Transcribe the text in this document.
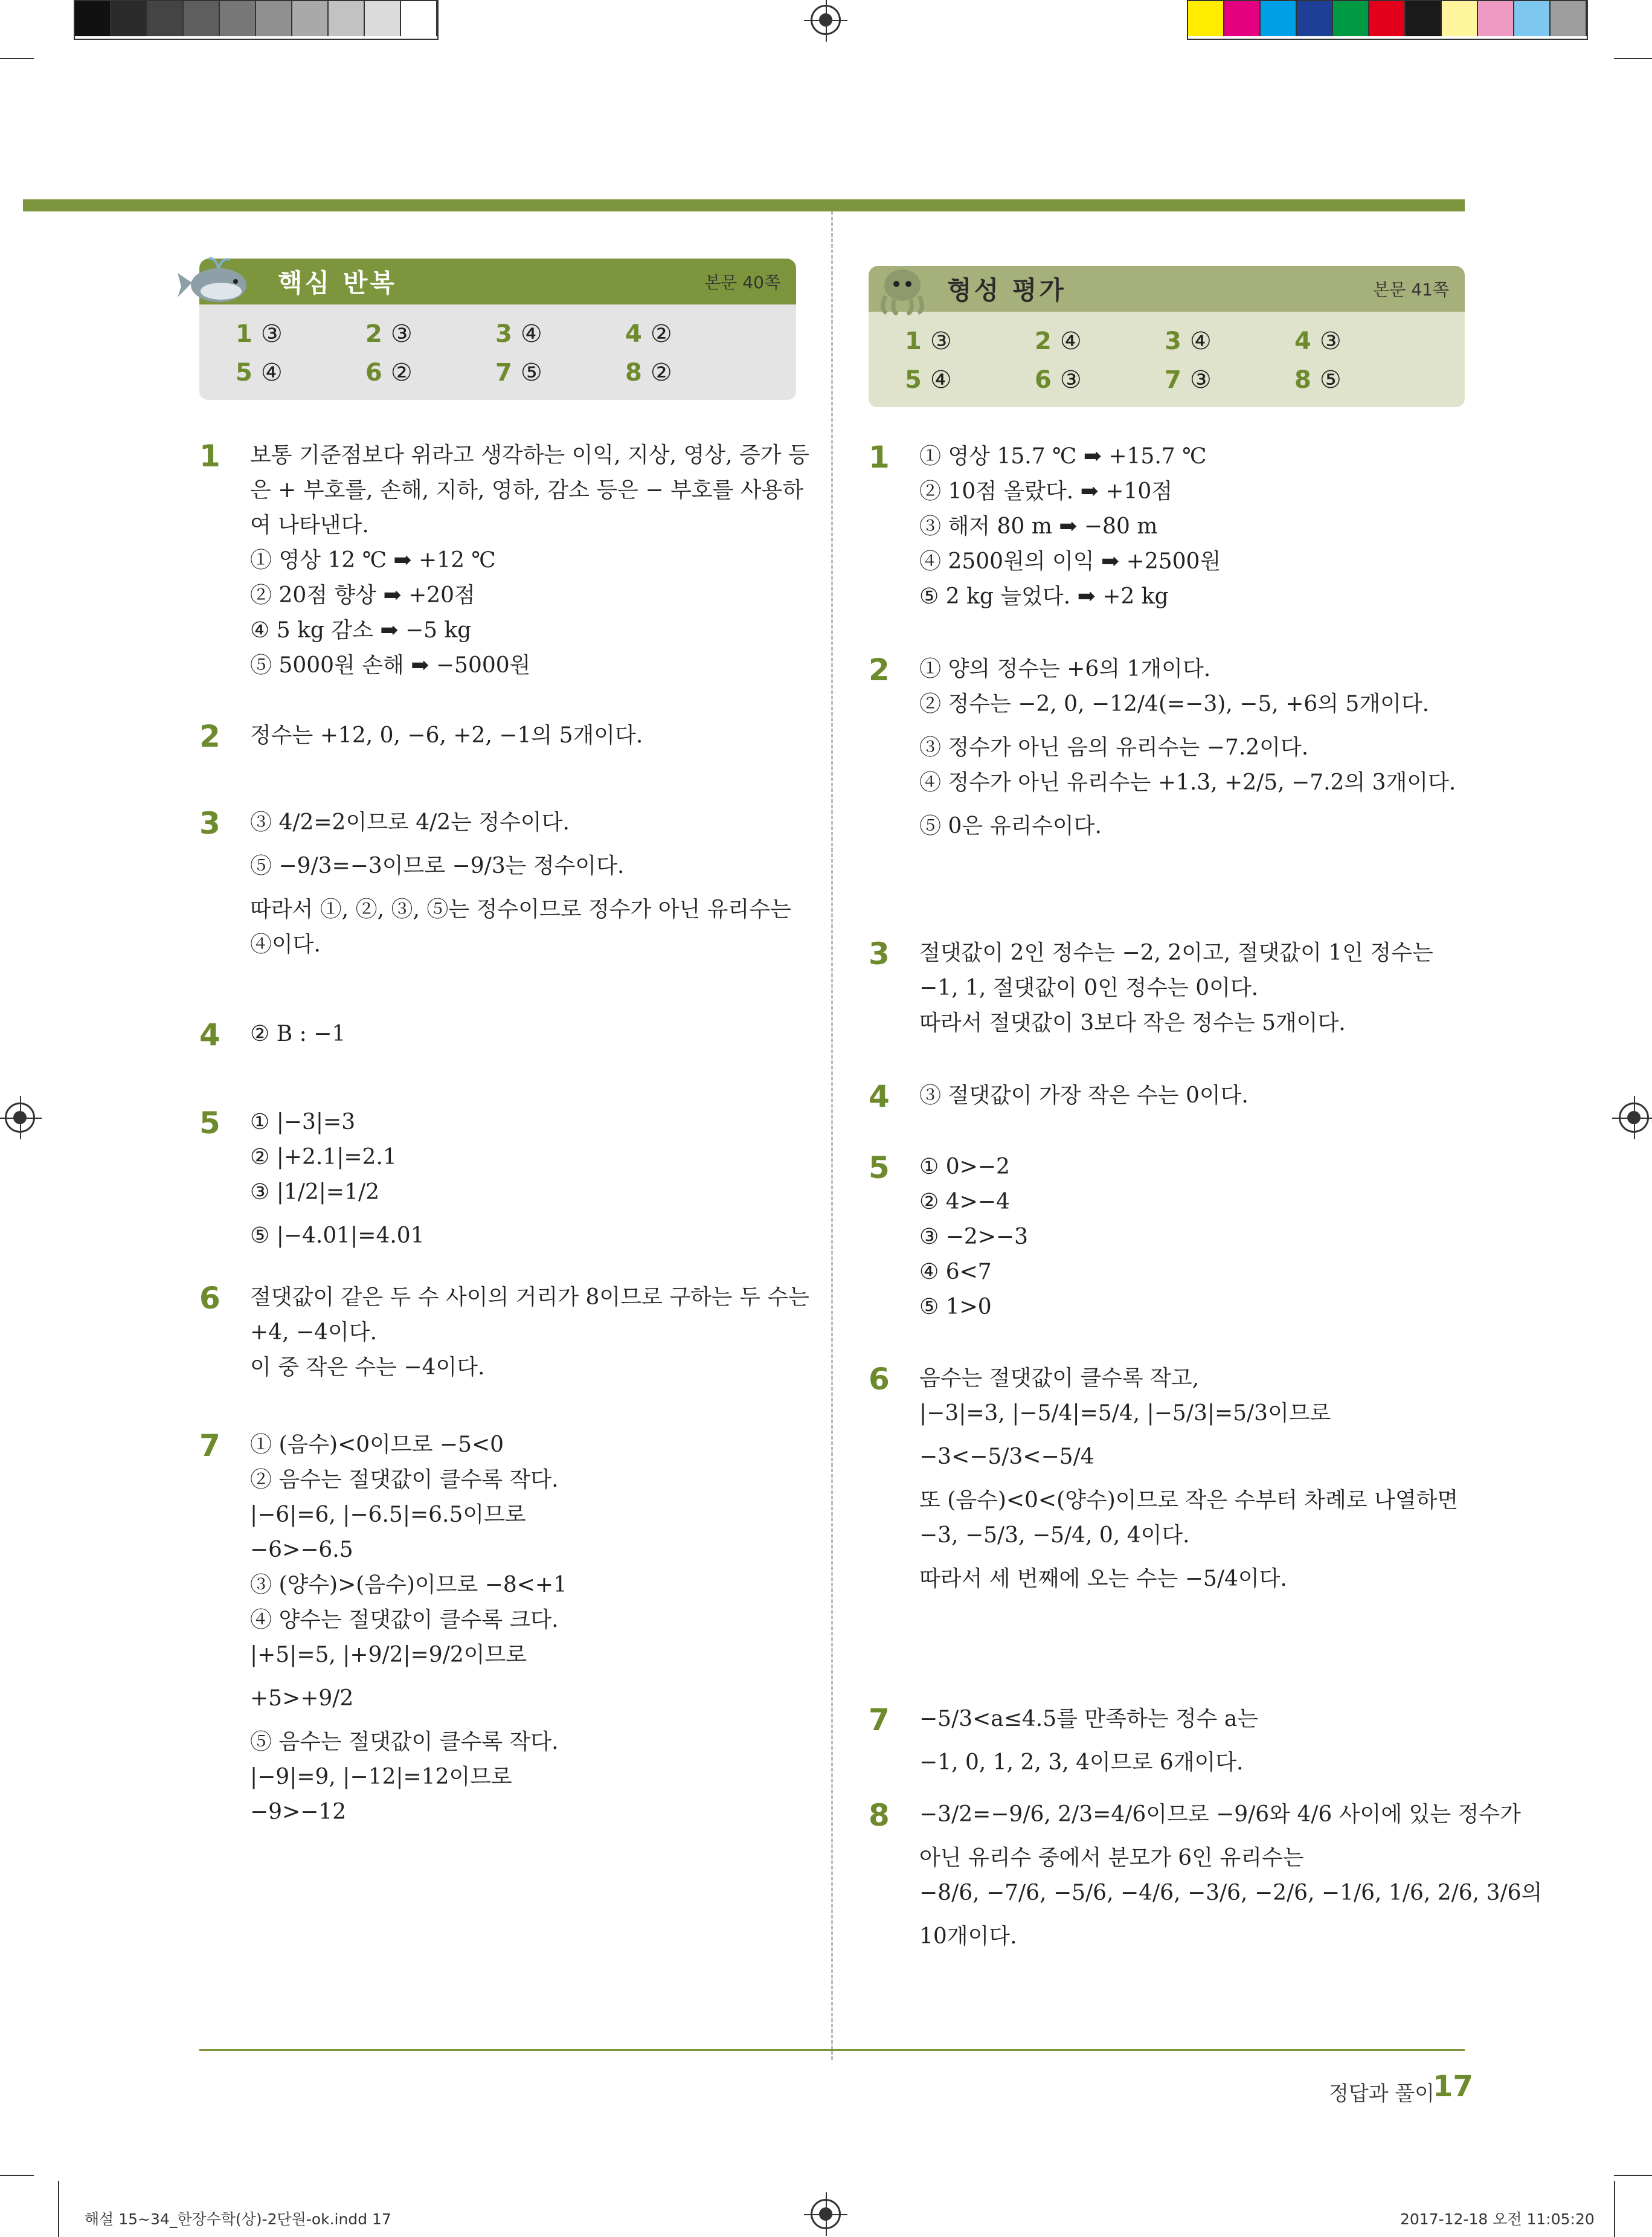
핵심 반복	본문 40쪽
1 ③	2 ③	3 ④	4 ②
5 ④	6 ②	7 ⑤	8 ②
1 보통 기준점보다 위라고 생각하는 이익, 지상, 영상, 증가 등
은 + 부호를, 손해, 지하, 영하, 감소 등은 − 부호를 사용하
여 나타낸다.
① 영상 12 ℃ ➡ +12 ℃
② 20점 향상 ➡ +20점
④ 5 kg 감소 ➡ −5 kg
⑤ 5000원 손해 ➡ −5000원
2 정수는 +12, 0, −6, +2, −1의 5개이다.
3 ③ 4/2=2이므로 4/2는 정수이다.
⑤ −9/3=−3이므로 −9/3는 정수이다.
따라서 ①, ②, ③, ⑤는 정수이므로 정수가 아닌 유리수는
④이다.
4 ② B : −1
5 ① |−3|=3
② |+2.1|=2.1
③ |1/2|=1/2
⑤ |−4.01|=4.01
6 절댓값이 같은 두 수 사이의 거리가 8이므로 구하는 두 수는
+4, −4이다.
이 중 작은 수는 −4이다.
7 ① (음수)<0이므로 −5<0
② 음수는 절댓값이 클수록 작다.
|−6|=6, |−6.5|=6.5이므로
−6>−6.5
③ (양수)>(음수)이므로 −8<+1
④ 양수는 절댓값이 클수록 크다.
|+5|=5, |+9/2|=9/2이므로
+5>+9/2
⑤ 음수는 절댓값이 클수록 작다.
|−9|=9, |−12|=12이므로
−9>−12
형성 평가	본문 41쪽
1 ③	2 ④	3 ④	4 ③
5 ④	6 ③	7 ③	8 ⑤
1 ① 영상 15.7 ℃ ➡ +15.7 ℃
② 10점 올랐다. ➡ +10점
③ 해저 80 m ➡ −80 m
④ 2500원의 이익 ➡ +2500원
⑤ 2 kg 늘었다. ➡ +2 kg
2 ① 양의 정수는 +6의 1개이다.
② 정수는 −2, 0, −12/4(=−3), −5, +6의 5개이다.
③ 정수가 아닌 음의 유리수는 −7.2이다.
④ 정수가 아닌 유리수는 +1.3, +2/5, −7.2의 3개이다.
⑤ 0은 유리수이다.
3 절댓값이 2인 정수는 −2, 2이고, 절댓값이 1인 정수는
−1, 1, 절댓값이 0인 정수는 0이다.
따라서 절댓값이 3보다 작은 정수는 5개이다.
4 ③ 절댓값이 가장 작은 수는 0이다.
5 ① 0>−2
② 4>−4
③ −2>−3
④ 6<7
⑤ 1>0
6 음수는 절댓값이 클수록 작고,
|−3|=3, |−5/4|=5/4, |−5/3|=5/3이므로
−3<−5/3<−5/4
또 (음수)<0<(양수)이므로 작은 수부터 차례로 나열하면
−3, −5/3, −5/4, 0, 4이다.
따라서 세 번째에 오는 수는 −5/4이다.
7 −5/3<a≤4.5를 만족하는 정수 a는
−1, 0, 1, 2, 3, 4이므로 6개이다.
8 −3/2=−9/6, 2/3=4/6이므로 −9/6와 4/6 사이에 있는 정수가
아닌 유리수 중에서 분모가 6인 유리수는
−8/6, −7/6, −5/6, −4/6, −3/6, −2/6, −1/6, 1/6, 2/6, 3/6의
10개이다.
정답과 풀이
17
해설 15~34_한장수학(상)-2단원-ok.indd 17	2017-12-18 오전 11:05:20
